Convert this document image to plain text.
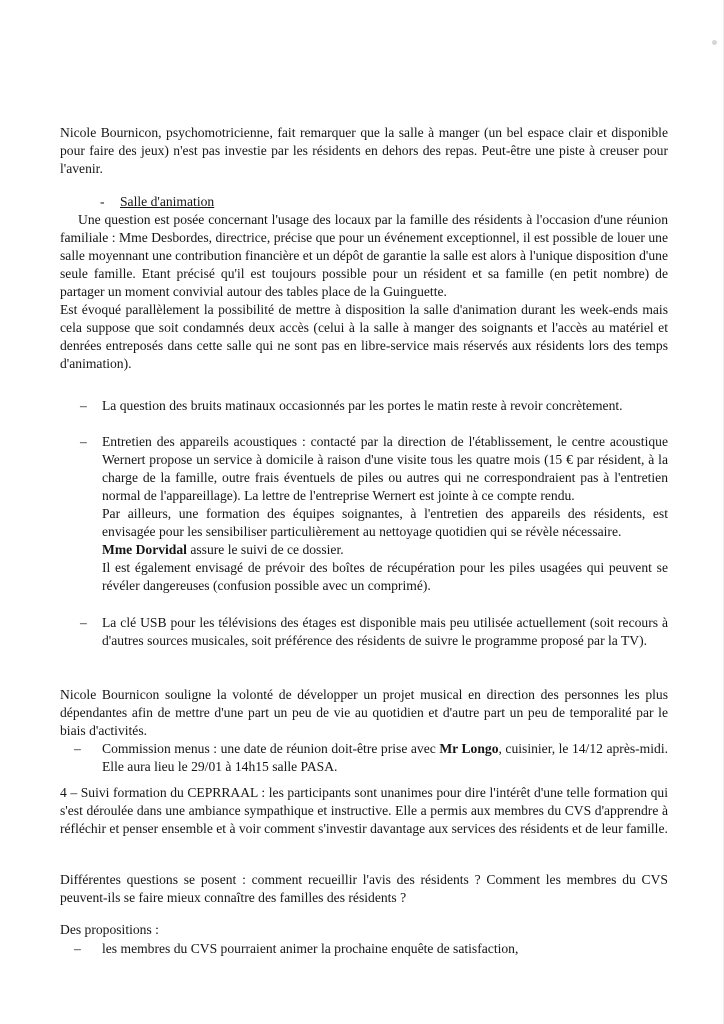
Nicole Bournicon, psychomotricienne, fait remarquer que la salle à manger (un bel espace clair et disponible pour faire des jeux) n'est pas investie par les résidents en dehors des repas. Peut-être une piste à creuser pour l'avenir.

- Salle d'animation

Une question est posée concernant l'usage des locaux par la famille des résidents à l'occasion d'une réunion familiale : Mme Desbordes, directrice, précise que pour un événement exceptionnel, il est possible de louer une salle moyennant une contribution financière et un dépôt de garantie la salle est alors à l'unique disposition d'une seule famille. Etant précisé qu'il est toujours possible pour un résident et sa famille (en petit nombre) de partager un moment convivial autour des tables place de la Guinguette.

Est évoqué parallèlement la possibilité de mettre à disposition la salle d'animation durant les week-ends mais cela suppose que soit condamnés deux accès (celui à la salle à manger des soignants et l'accès au matériel et denrées entreposés dans cette salle qui ne sont pas en libre-service mais réservés aux résidents lors des temps d'animation).

– La question des bruits matinaux occasionnés par les portes le matin reste à revoir concrètement.

– Entretien des appareils acoustiques : contacté par la direction de l'établissement, le centre acoustique Wernert propose un service à domicile à raison d'une visite tous les quatre mois (15 € par résident, à la charge de la famille, outre frais éventuels de piles ou autres qui ne correspondraient pas à l'entretien normal de l'appareillage). La lettre de l'entreprise Wernert est jointe à ce compte rendu.

Par ailleurs, une formation des équipes soignantes, à l'entretien des appareils des résidents, est envisagée pour les sensibiliser particulièrement au nettoyage quotidien qui se révèle nécessaire.

Mme Dorvidal assure le suivi de ce dossier.

Il est également envisagé de prévoir des boîtes de récupération pour les piles usagées qui peuvent se révéler dangereuses (confusion possible avec un comprimé).

– La clé USB pour les télévisions des étages est disponible mais peu utilisée actuellement (soit recours à d'autres sources musicales, soit préférence des résidents de suivre le programme proposé par la TV).

Nicole Bournicon souligne la volonté de développer un projet musical en direction des personnes les plus dépendantes afin de mettre d'une part un peu de vie au quotidien et d'autre part un peu de temporalité par le biais d'activités.

– Commission menus : une date de réunion doit-être prise avec Mr Longo, cuisinier, le 14/12 après-midi. Elle aura lieu le 29/01 à 14h15 salle PASA.

4 – Suivi formation du CEPRRAAL : les participants sont unanimes pour dire l'intérêt d'une telle formation qui s'est déroulée dans une ambiance sympathique et instructive. Elle a permis aux membres du CVS d'apprendre à réfléchir et penser ensemble et à voir comment s'investir davantage aux services des résidents et de leur famille.

Différentes questions se posent : comment recueillir l'avis des résidents ? Comment les membres du CVS peuvent-ils se faire mieux connaître des familles des résidents ?

Des propositions :

– les membres du CVS pourraient animer la prochaine enquête de satisfaction,
